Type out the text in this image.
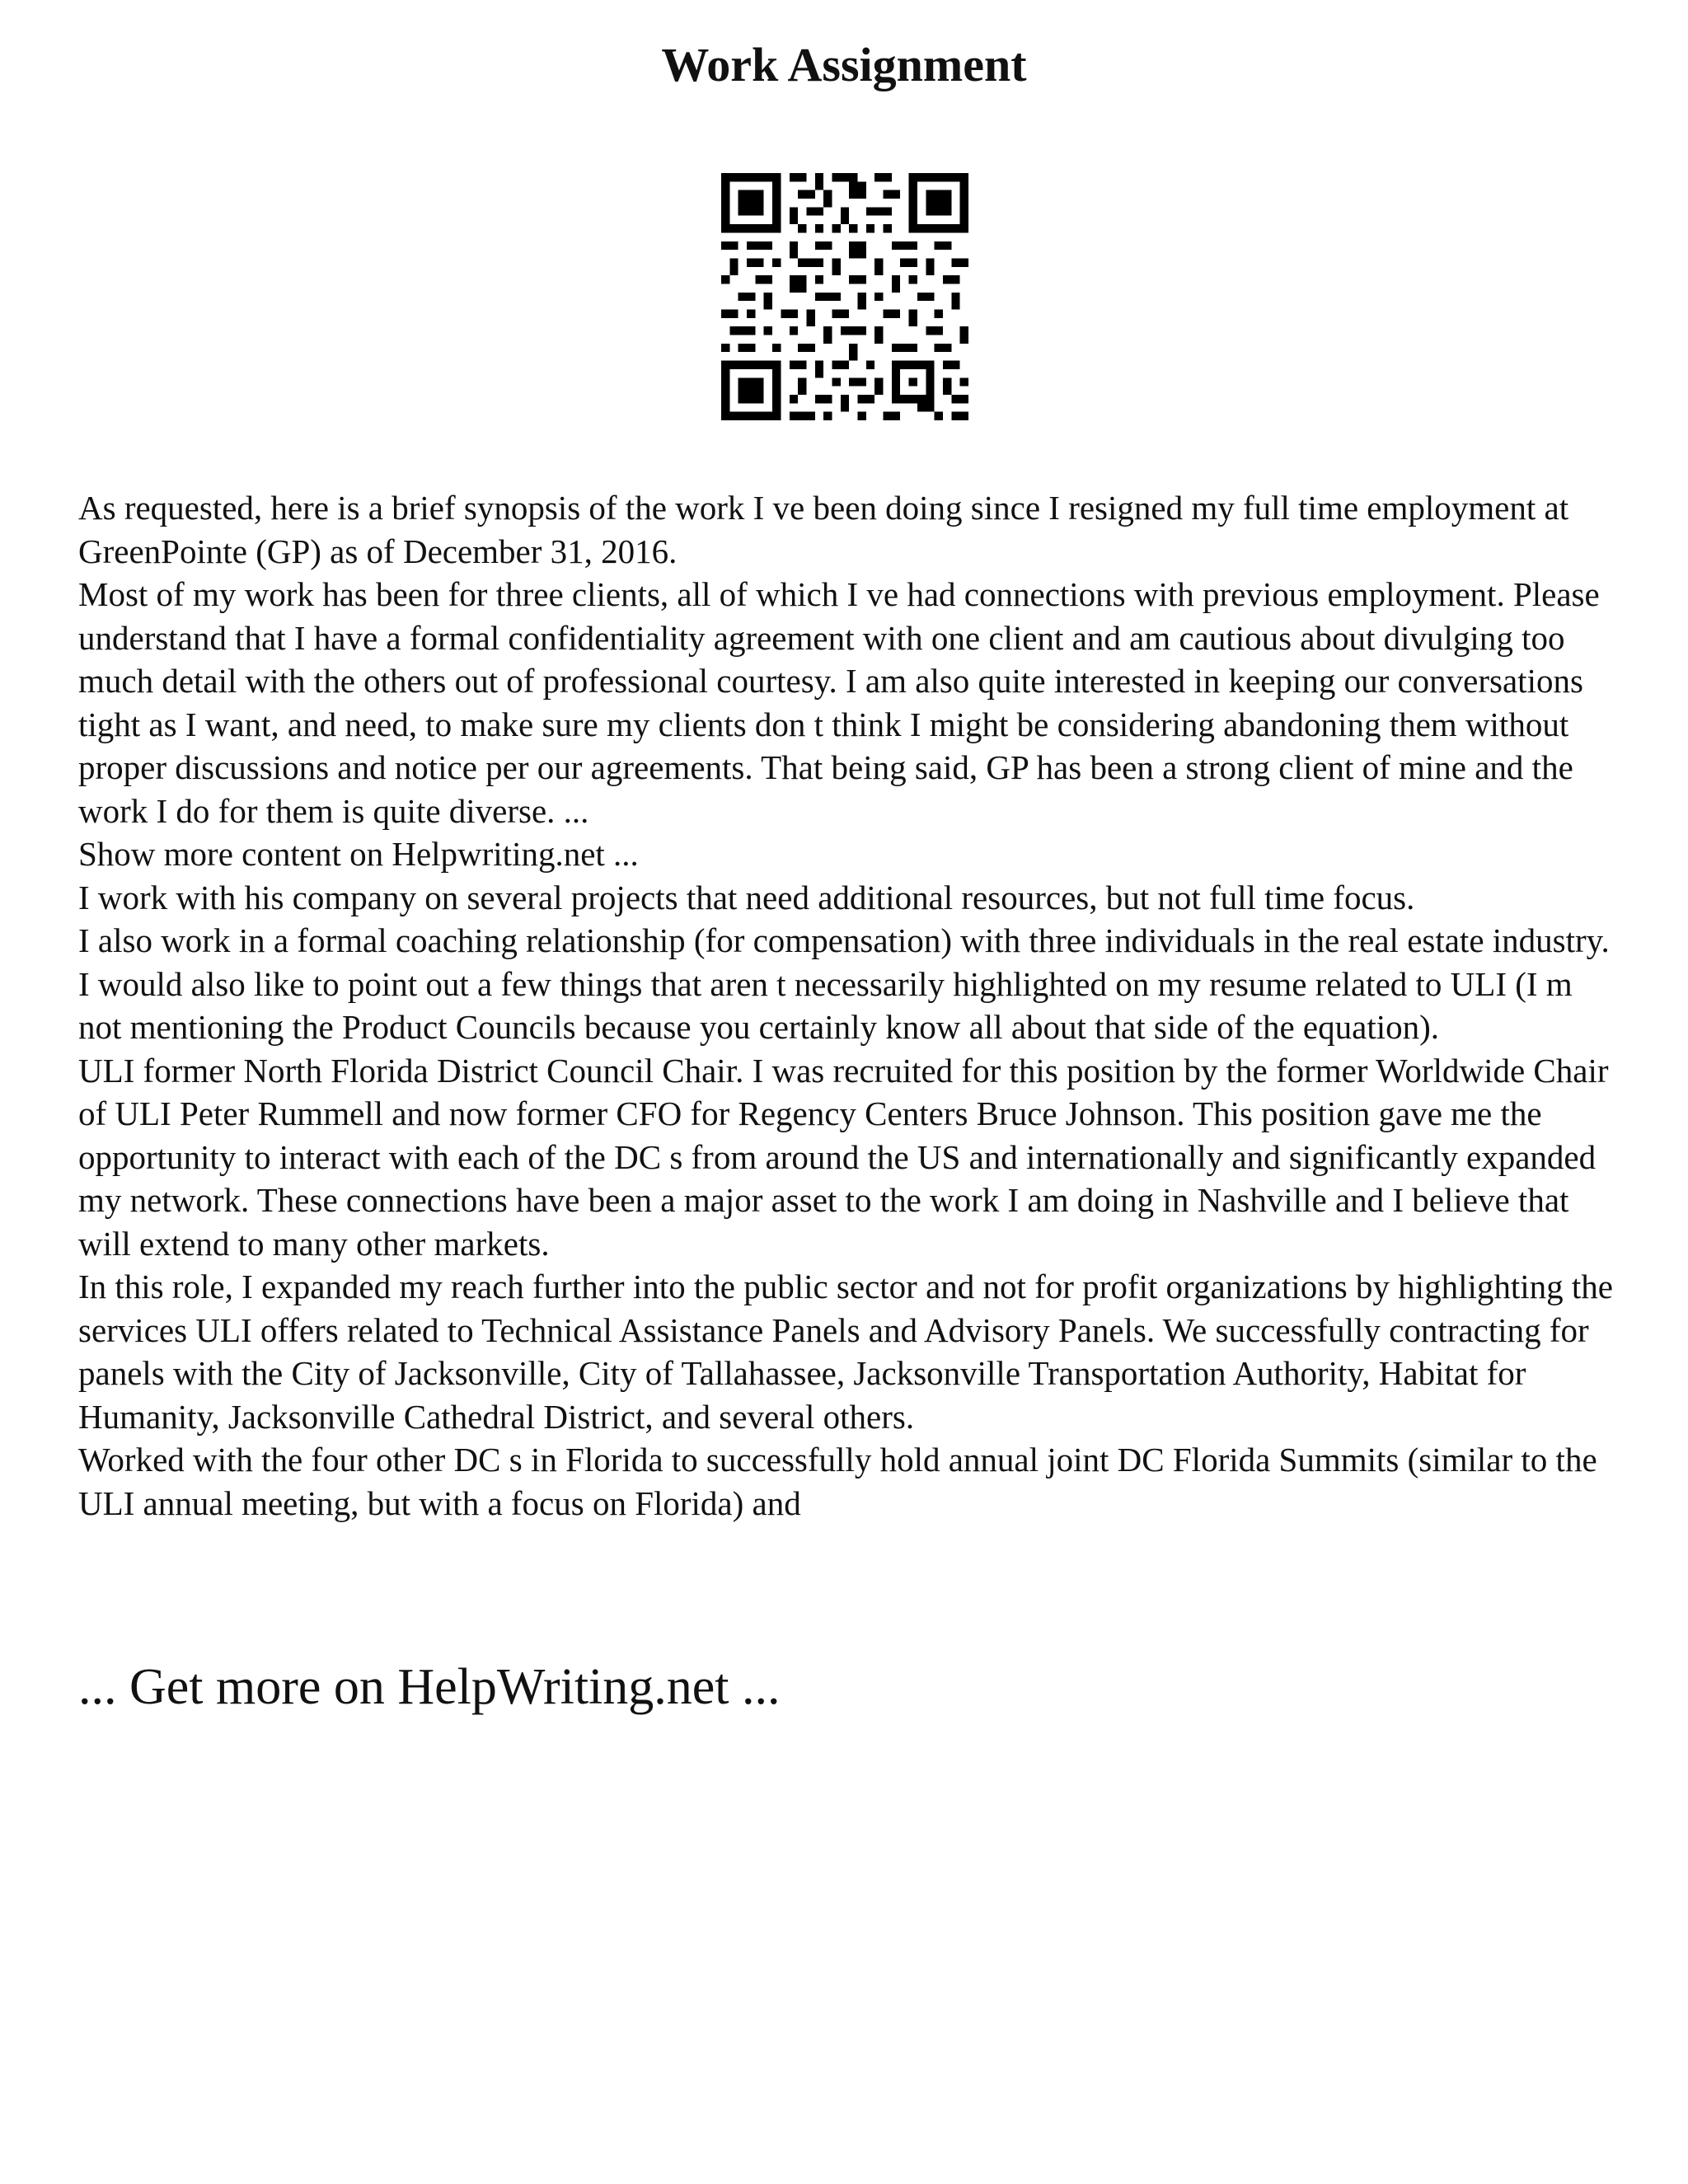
Work Assignment

As requested, here is a brief synopsis of the work I ve been doing since I resigned my full time employment at GreenPointe (GP) as of December 31, 2016.

Most of my work has been for three clients, all of which I ve had connections with previous employment. Please understand that I have a formal confidentiality agreement with one client and am cautious about divulging too much detail with the others out of professional courtesy. I am also quite interested in keeping our conversations tight as I want, and need, to make sure my clients don t think I might be considering abandoning them without proper discussions and notice per our agreements. That being said, GP has been a strong client of mine and the work I do for them is quite diverse. ...

Show more content on Helpwriting.net ...

I work with his company on several projects that need additional resources, but not full time focus.

I also work in a formal coaching relationship (for compensation) with three individuals in the real estate industry.

I would also like to point out a few things that aren t necessarily highlighted on my resume related to ULI (I m not mentioning the Product Councils because you certainly know all about that side of the equation).

ULI former North Florida District Council Chair. I was recruited for this position by the former Worldwide Chair of ULI Peter Rummell and now former CFO for Regency Centers Bruce Johnson. This position gave me the opportunity to interact with each of the DC s from around the US and internationally and significantly expanded my network. These connections have been a major asset to the work I am doing in Nashville and I believe that will extend to many other markets.

In this role, I expanded my reach further into the public sector and not for profit organizations by highlighting the services ULI offers related to Technical Assistance Panels and Advisory Panels. We successfully contracting for panels with the City of Jacksonville, City of Tallahassee, Jacksonville Transportation Authority, Habitat for Humanity, Jacksonville Cathedral District, and several others.

Worked with the four other DC s in Florida to successfully hold annual joint DC Florida Summits (similar to the ULI annual meeting, but with a focus on Florida) and

... Get more on HelpWriting.net ...
